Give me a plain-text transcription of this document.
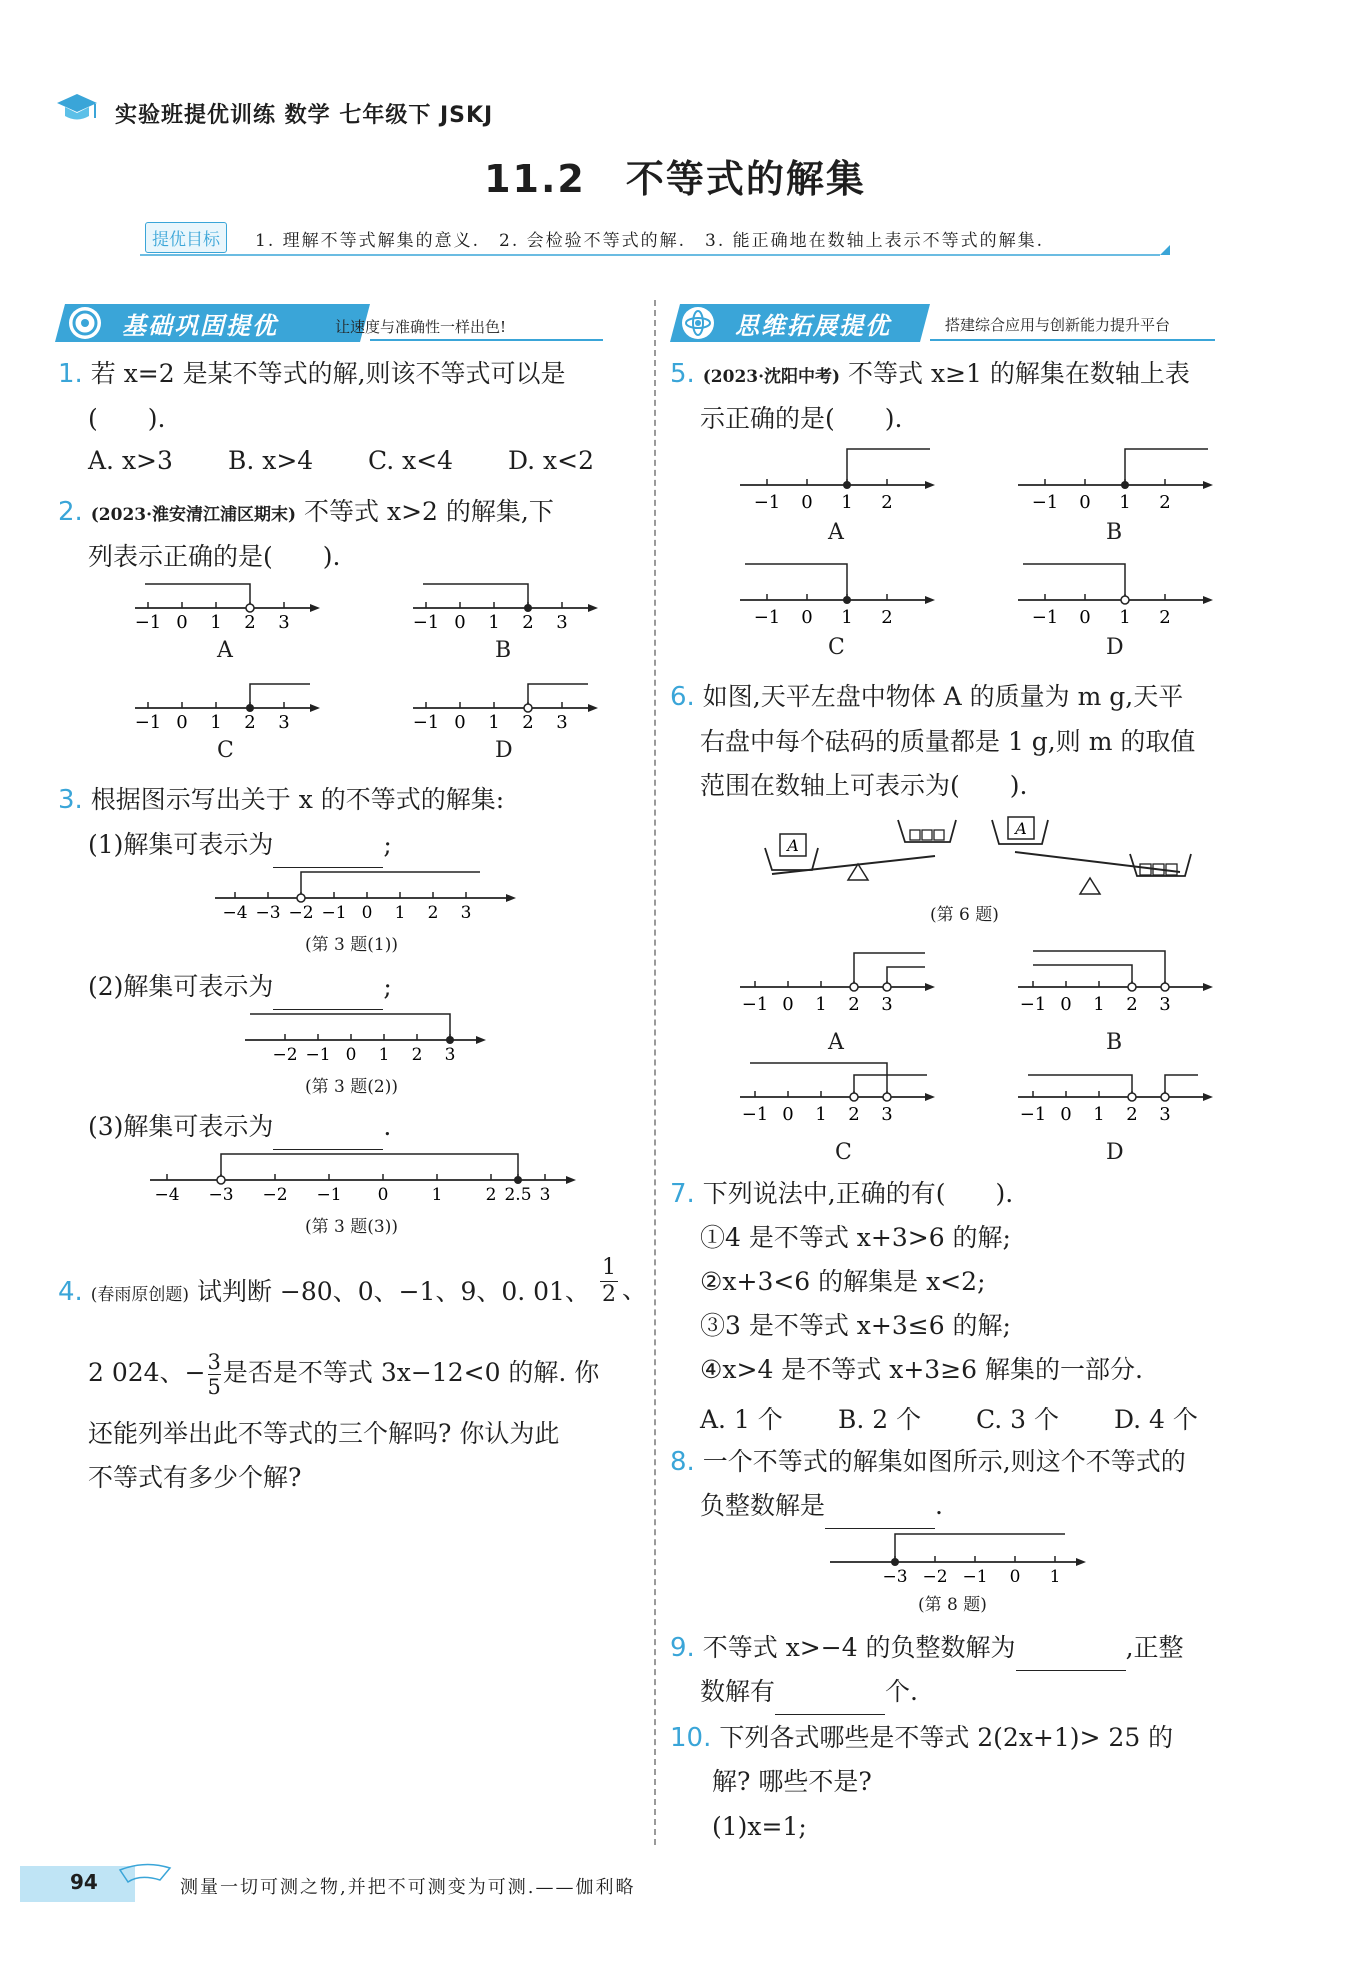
实验班提优训练 数学 七年级下 JSKJ
11.2　不等式的解集
提优目标	1. 理解不等式解集的意义.　2. 会检验不等式的解.　3. 能正确地在数轴上表示不等式的解集.
基础巩固提优	让速度与准确性一样出色!	思维拓展提优	搭建综合应用与创新能力提升平台
1. 若 x=2 是某不等式的解,则该不等式可以是
(　　).
A. x>3 B. x>4 C. x<4 D. x<2
2. (2023·淮安清江浦区期末) 不等式 x>2 的解集,下
列表示正确的是(　　).
−1 0 1 2 3
A
−1 0 1 2 3
B
−1 0 1 2 3
C
−1 0 1 2 3
D
3. 根据图示写出关于 x 的不等式的解集:
(1)解集可表示为	;
−4 −3 −2 −1 0 1 2 3
(第 3 题(1))
(2)解集可表示为	;
−2 −1 0 1 2 3
(第 3 题(2))
(3)解集可表示为	.
−4 −3 −2 −1 0	1	2 2.5 3
(第 3 题(3))
4. (春雨原创题) 试判断 −80、0、−1、9、0. 01、
1
2 、
2 024、− $\frac{3}{5}$ 是否是不等式 3x−12<0 的解. 你
还能列举出此不等式的三个解吗? 你认为此
不等式有多少个解?
5. (2023·沈阳中考) 不等式 x≥1 的解集在数轴上表
示正确的是(　　).
−1 0 1 2
A
−1 0 1 2
B
−1 0 1 2
C
−1 0 1 2
D
6. 如图,天平左盘中物体 A 的质量为 m g,天平
右盘中每个砝码的质量都是 1 g,则 m 的取值
范围在数轴上可表示为(　　).
A
A
(第 6 题)
−1 0 1 2 3
A
−1 0 1 2 3
B
−1 0 1 2 3
C
−1 0 1 2 3
D
7. 下列说法中,正确的有(　　).
①4 是不等式 x+3>6 的解;
②x+3<6 的解集是 x<2;
③3 是不等式 x+3≤6 的解;
④x>4 是不等式 x+3≥6 解集的一部分.
A. 1 个 B. 2 个 C. 3 个 D. 4 个
8. 一个不等式的解集如图所示,则这个不等式的
负整数解是	.
−3 −2 −1 0 1
(第 8 题)
9. 不等式 x>−4 的负整数解为	,正整
数解有	个.
10. 下列各式哪些是不等式 2(2x+1)> 25 的
解? 哪些不是?
(1)x=1;
94	测量一切可测之物,并把不可测变为可测.——伽利略
